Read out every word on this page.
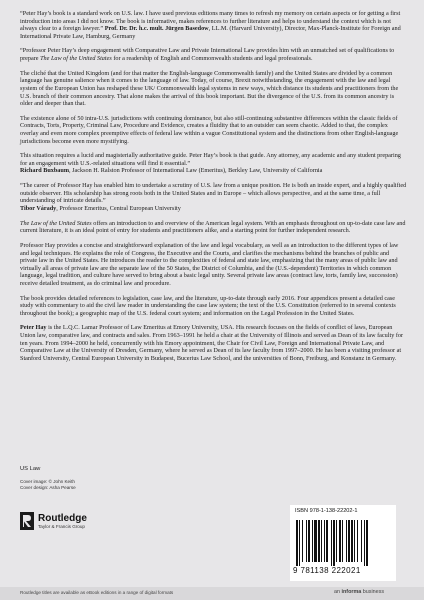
“Peter Hay’s book is a standard work on U.S. law. I have used previous editions many times to refresh my memory on certain aspects or for getting a first introduction into areas I did not know. The book is informative, makes references to further literature and helps to understand the context which is not always clear to a foreign lawyer.” Prof. Dr. Dr. h.c. mult. Jürgen Basedow, LL.M. (Harvard University), Director, Max-Planck-Institute for Foreign and International Private Law, Hamburg, Germany

“Professor Peter Hay’s deep engagement with Comparative Law and Private International Law provides him with an unmatched set of qualifications to prepare The Law of the United States for a readership of English and Commonwealth students and legal professionals.

The cliché that the United Kingdom (and for that matter the English-language Commonwealth family) and the United States are divided by a common language has genuine salience when it comes to the language of law. Today, of course, Brexit notwithstanding, the engagement with the law and legal system of the European Union has reshaped these UK/ Commonwealth legal systems in new ways, which distance its students and practitioners from the U.S. branch of their common ancestry. That alone makes the arrival of this book important. But the divergence of the U.S. from its common ancestry is older and deeper than that.

The existence alone of 50 intra-U.S. jurisdictions with continuing dominance, but also still-continuing substantive differences within the classic fields of Contracts, Torts, Property, Criminal Law, Procedure and Evidence, creates a fluidity that to an outsider can seem chaotic. Added to that, the complex overlay and even more complex preemptive effects of federal law within a vague Constitutional system and the distinctions from other English-language jurisdictions become even more mystifying.

This situation requires a lucid and magisterially authoritative guide. Peter Hay’s book is that guide. Any attorney, any academic and any student preparing for an engagement with U.S.-related situations will find it essential.”
Richard Buxbaum, Jackson H. Ralston Professor of International Law (Emeritus), Berkley Law, University of California

“The career of Professor Hay has enabled him to undertake a scrutiny of U.S. law from a unique position. He is both an inside expert, and a highly qualified outside observer. His scholarship has strong roots both in the United States and in Europe – which allows perspective, and at the same time, a full understanding of intricate details.”
Tibor Várady, Professor Emeritus, Central European University

The Law of the United States offers an introduction to and overview of the American legal system. With an emphasis throughout on up-to-date case law and current literature, it is an ideal point of entry for students and practitioners alike, and a starting point for further independent research.

Professor Hay provides a concise and straightforward explanation of the law and legal vocabulary, as well as an introduction to the different types of law and legal techniques. He explains the role of Congress, the Executive and the Courts, and clarifies the mechanisms behind the branches of public and private law in the United States. He introduces the reader to the complexities of federal and state law, emphasizing that the many areas of public law and virtually all areas of private law are the separate law of the 50 States, the District of Columbia, and the (U.S.-dependent) Territories in which common language, legal tradition, and culture have served to bring about a basic legal unity. Several private law areas (contract law, torts, family law, succession) receive detailed treatment, as do criminal law and procedure.

The book provides detailed references to legislation, case law, and the literature, up-to-date through early 2016. Four appendices present a detailed case study with commentary to aid the civil law reader in understanding the case law system; the text of the U.S. Constitution (referred to in several contexts throughout the book); a geographic map of the U.S. federal court system; and information on the Legal Profession in the United States.

Peter Hay is the L.Q.C. Lamar Professor of Law Emeritus at Emory University, USA. His research focuses on the fields of conflict of laws, European Union law, comparative law, and contracts and sales. From 1963–1991 he held a chair at the University of Illinois and served as Dean of its law faculty for ten years. From 1994–2000 he held, concurrently with his Emory appointment, the Chair for Civil Law, Foreign and International Private Law, and Comparative Law at the University of Dresden, Germany, where he served as Dean of its law faculty from 1997–2000. He has been a visiting professor at Stanford University, Central European University in Budapest, Bucerius Law School, and the universities of Bonn, Freiburg, and Konstanz in Germany.

US Law
Cover image: © John Keith
Cover design: Asha Pearse
Routledge
Taylor & Francis Group
ISBN 978-1-138-22202-1
9 781138 222021
Routledge titles are available as eBook editions in a range of digital formats	an informa business
